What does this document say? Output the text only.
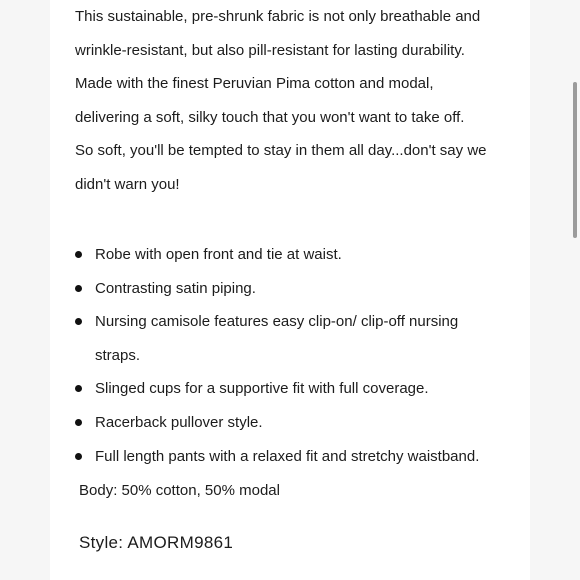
This sustainable, pre-shrunk fabric is not only breathable and

wrinkle-resistant, but also pill-resistant for lasting durability.

Made with the finest Peruvian Pima cotton and modal,

delivering a soft, silky touch that you won't want to take off.

So soft, you'll be tempted to stay in them all day...don't say we

didn't warn you!

Robe with open front and tie at waist.
Contrasting satin piping.
Nursing camisole features easy clip-on/ clip-off nursing
straps.
Slinged cups for a supportive fit with full coverage.
Racerback pullover style.
Full length pants with a relaxed fit and stretchy waistband.
Body: 50% cotton, 50% modal
Style: AMORM9861
